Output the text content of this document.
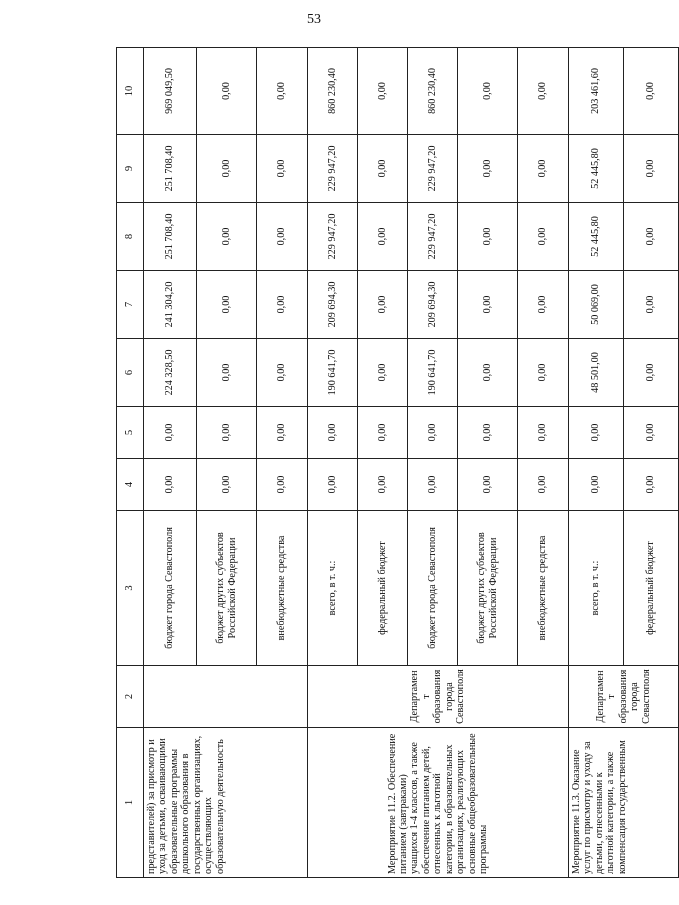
53
1	2	3	4	5	6	7	8	9	10
представителей) за присмотр и уход за детьми, осваивающими образовательные программы дошкольного образования в государственных организациях, осуществляющих образовательную деятельность		бюджет города Севастополя	0,00	0,00	224 328,50	241 304,20	251 708,40	251 708,40	969 049,50
		бюджет других субъектов Российской Федерации	0,00	0,00	0,00	0,00	0,00	0,00	0,00
		внебюджетные средства	0,00	0,00	0,00	0,00	0,00	0,00	0,00
Мероприятие 11.2. Обеспечение питанием (завтраками) учащихся 1-4 классов, а также обеспечение питанием детей, отнесенных к льготной категории, в образовательных организациях, реализующих основные общеобразовательные программы	Департамент образования города Севастополя	всего, в т. ч.:	0,00	0,00	190 641,70	209 694,30	229 947,20	229 947,20	860 230,40
		федеральный бюджет	0,00	0,00	0,00	0,00	0,00	0,00	0,00
		бюджет города Севастополя	0,00	0,00	190 641,70	209 694,30	229 947,20	229 947,20	860 230,40
		бюджет других субъектов Российской Федерации	0,00	0,00	0,00	0,00	0,00	0,00	0,00
		внебюджетные средства	0,00	0,00	0,00	0,00	0,00	0,00	0,00
Мероприятие 11.3. Оказание услуг по присмотру и уходу за детьми, отнесенными к льготной категории, а также компенсация государственным	Департамент образования города Севастополя	всего, в т. ч.:	0,00	0,00	48 501,00	50 069,00	52 445,80	52 445,80	203 461,60
		федеральный бюджет	0,00	0,00	0,00	0,00	0,00	0,00	0,00
